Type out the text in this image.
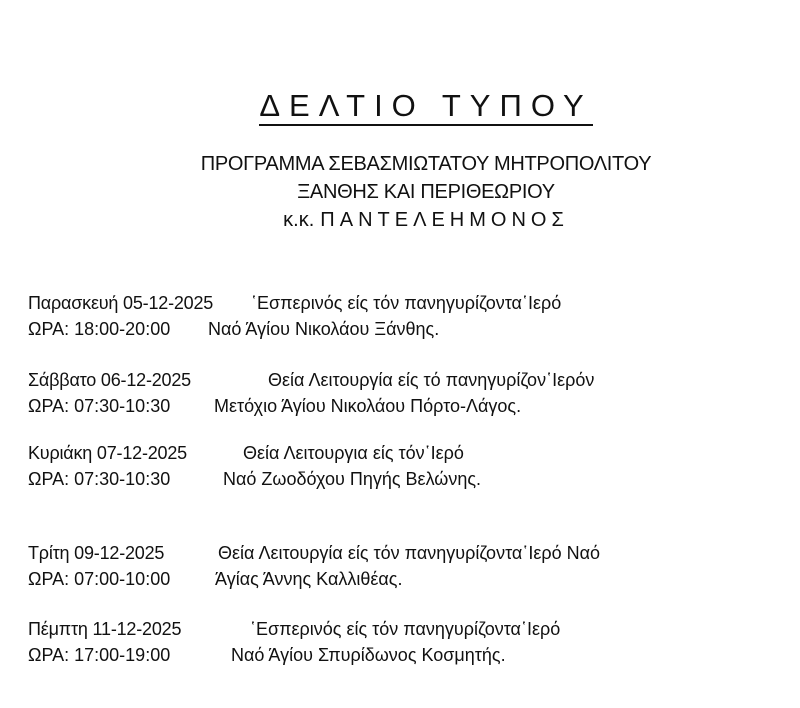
ΔΕΛΤΙΟ ΤΥΠΟΥ
ΠΡΟΓΡΑΜΜΑ ΣΕΒΑΣΜΙΩΤΑΤΟΥ ΜΗΤΡΟΠΟΛΙΤΟΥ
ΞΑΝΘΗΣ ΚΑΙ ΠΕΡΙΘΕΩΡΙΟΥ
κ.κ. ΠΑΝΤΕΛΕΗΜΟΝΟΣ
Παρασκευή 05-12-2025 ῾Εσπερινός είς τόν πανηγυρίζοντα῾Ιερό
ΩΡΑ: 18:00-20:00 Ναό Άγίου Νικολάου Ξάνθης.
Σάββατο 06-12-2025	Θεία Λειτουργία είς τό πανηγυρίζον῾Ιερόν
ΩΡΑ: 07:30-10:30 Μετόχιο Άγίου Νικολάου Πόρτο-Λάγος.
Κυριάκη 07-12-2025	Θεία Λειτουργια είς τόν῾Ιερό
ΩΡΑ: 07:30-10:30	Ναό Ζωοδόχου Πηγής Βελώνης.
Τρίτη 09-12-2025	Θεία Λειτουργία είς τόν πανηγυρίζοντα῾Ιερό Ναό
ΩΡΑ: 07:00-10:00 Άγίας Άννης Καλλιθέας.
Πέμπτη 11-12-2025	῾Εσπερινός είς τόν πανηγυρίζοντα῾Ιερό
ΩΡΑ: 17:00-19:00	Ναό Άγίου Σπυρίδωνος Κοσμητής.
